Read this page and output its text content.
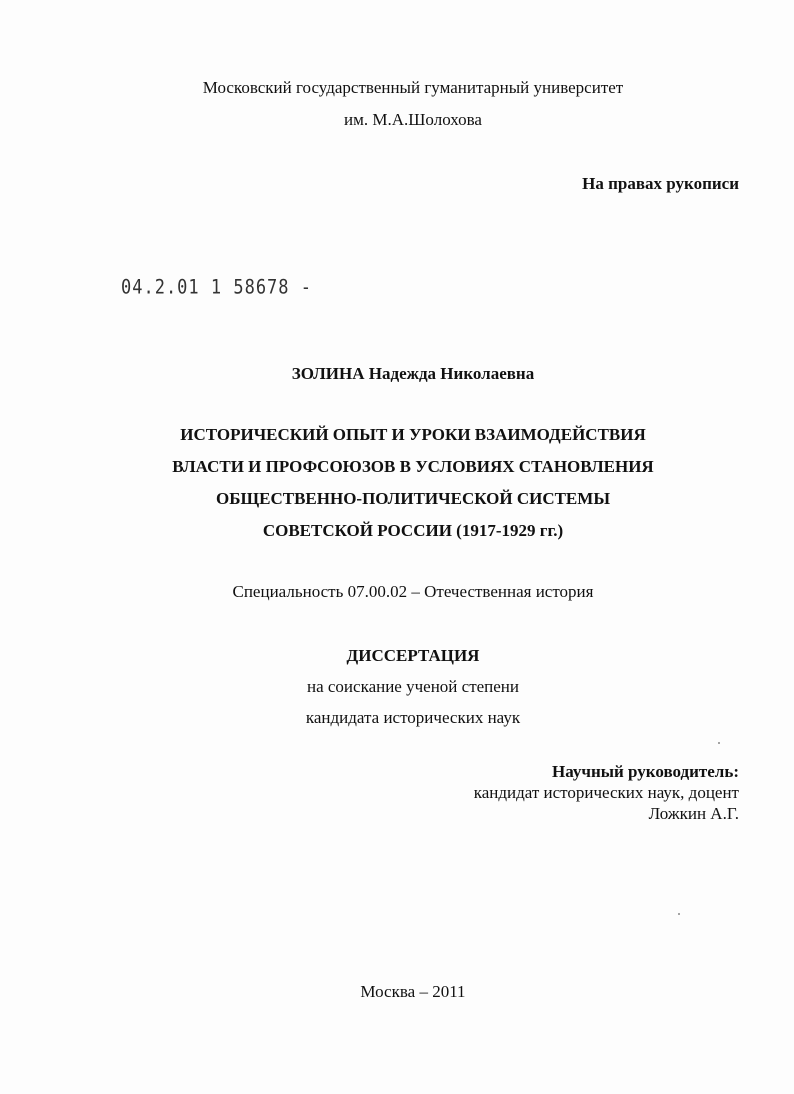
Московский государственный гуманитарный университет
им. М.А.Шолохова
На правах рукописи
04.2.01 1 58678 -
ЗОЛИНА Надежда Николаевна
ИСТОРИЧЕСКИЙ ОПЫТ И УРОКИ ВЗАИМОДЕЙСТВИЯ
ВЛАСТИ И ПРОФСОЮЗОВ В УСЛОВИЯХ СТАНОВЛЕНИЯ
ОБЩЕСТВЕННО-ПОЛИТИЧЕСКОЙ СИСТЕМЫ
СОВЕТСКОЙ РОССИИ (1917-1929 гг.)
Специальность 07.00.02 – Отечественная история
ДИССЕРТАЦИЯ
на соискание ученой степени
кандидата исторических наук
Научный руководитель:
кандидат исторических наук, доцент
Ложкин А.Г.
Москва – 2011
